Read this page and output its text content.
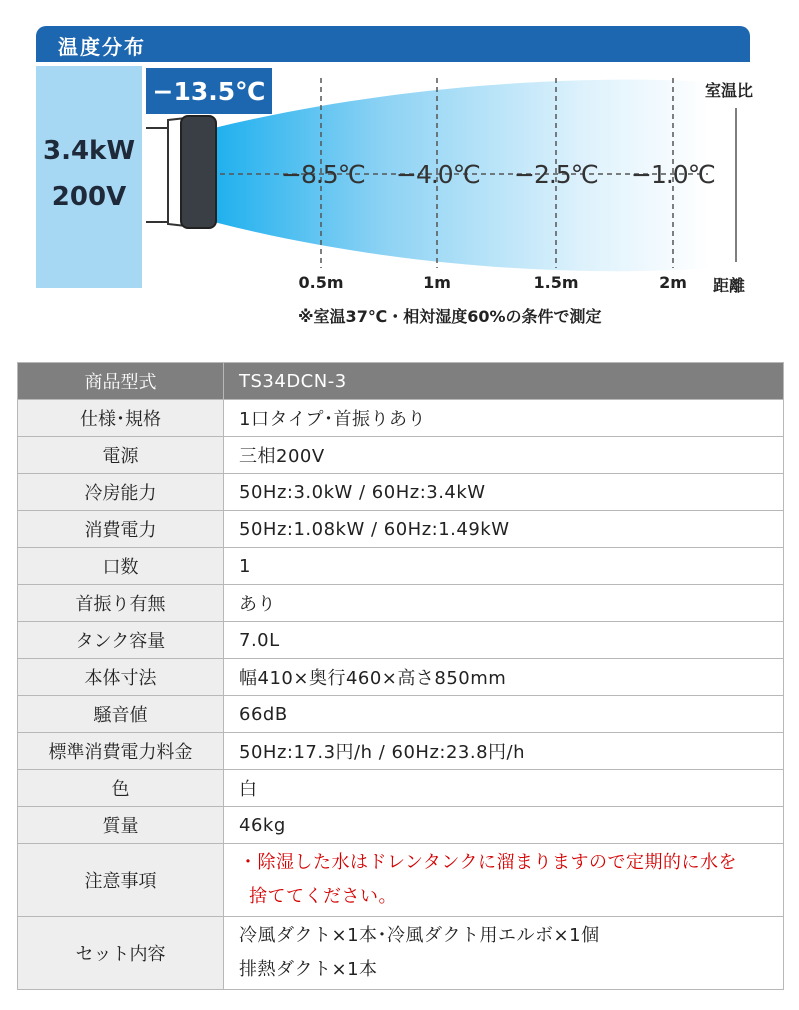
温度分布
3.4kW
200V
−13.5℃
−8.5℃ −4.0℃ −2.5℃ −1.0℃
0.5m	1m	1.5m	2m
室温比
距離
※室温37℃・相対湿度60%の条件で測定
商品型式	TS34DCN-3
仕様･規格	1口タイプ･首振りあり
電源	三相200V
冷房能力	50Hz:3.0kW / 60Hz:3.4kW
消費電力	50Hz:1.08kW / 60Hz:1.49kW
口数	1
首振り有無	あり
タンク容量	7.0L
本体寸法	幅410×奥行460×高さ850mm
騒音値	66dB
標準消費電力料金	50Hz:17.3円/h / 60Hz:23.8円/h
色	白
質量	46kg
注意事項	・除湿した水はドレンタンクに溜まりますので定期的に水を
捨ててください。

セット内容	冷風ダクト×1本･冷風ダクト用エルボ×1個
排熱ダクト×1本
